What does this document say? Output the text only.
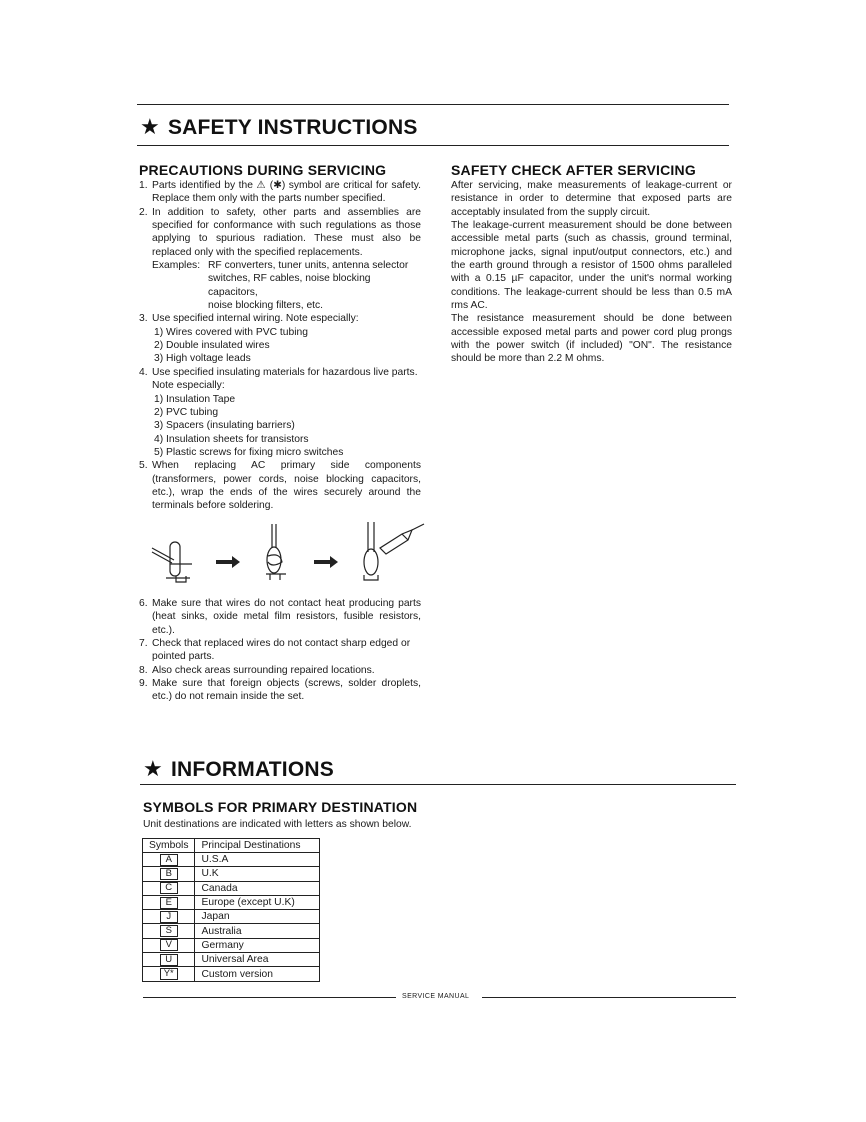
★ SAFETY INSTRUCTIONS
PRECAUTIONS DURING SERVICING
1. Parts identified by the ⚠ (✱) symbol are critical for safety. Replace them only with the parts number specified.
2. In addition to safety, other parts and assemblies are specified for conformance with such regulations as those applying to spurious radiation. These must also be replaced only with the specified replacements.
Examples: RF converters, tuner units, antenna selector
switches, RF cables, noise blocking capacitors,
noise blocking filters, etc.
3. Use specified internal wiring. Note especially:
1) Wires covered with PVC tubing
2) Double insulated wires
3) High voltage leads
4. Use specified insulating materials for hazardous live parts.
Note especially:
1) Insulation Tape
2) PVC tubing
3) Spacers (insulating barriers)
4) Insulation sheets for transistors
5) Plastic screws for fixing micro switches
5. When replacing AC primary side components (transformers, power cords, noise blocking capacitors, etc.), wrap the ends of the wires securely around the terminals before soldering.
6. Make sure that wires do not contact heat producing parts (heat sinks, oxide metal film resistors, fusible resistors, etc.).
7. Check that replaced wires do not contact sharp edged or pointed parts.
8. Also check areas surrounding repaired locations.
9. Make sure that foreign objects (screws, solder droplets, etc.) do not remain inside the set.
SAFETY CHECK AFTER SERVICING

After servicing, make measurements of leakage-current or resistance in order to determine that exposed parts are acceptably insulated from the supply circuit.

The leakage-current measurement should be done between accessible metal parts (such as chassis, ground terminal, microphone jacks, signal input/output connectors, etc.) and the earth ground through a resistor of 1500 ohms paralleled with a 0.15 µF capacitor, under the unit's normal working conditions. The leakage-current should be less than 0.5 mA rms AC.

The resistance measurement should be done between accessible exposed metal parts and power cord plug prongs with the power switch (if included) "ON". The resistance should be more than 2.2 M ohms.

★ INFORMATIONS
SYMBOLS FOR PRIMARY DESTINATION
Unit destinations are indicated with letters as shown below.
Symbols	Principal Destinations
A	U.S.A
B	U.K
C	Canada
E	Europe (except U.K)
J	Japan
S	Australia
V	Germany
U	Universal Area
Y*	Custom version
SERVICE MANUAL
